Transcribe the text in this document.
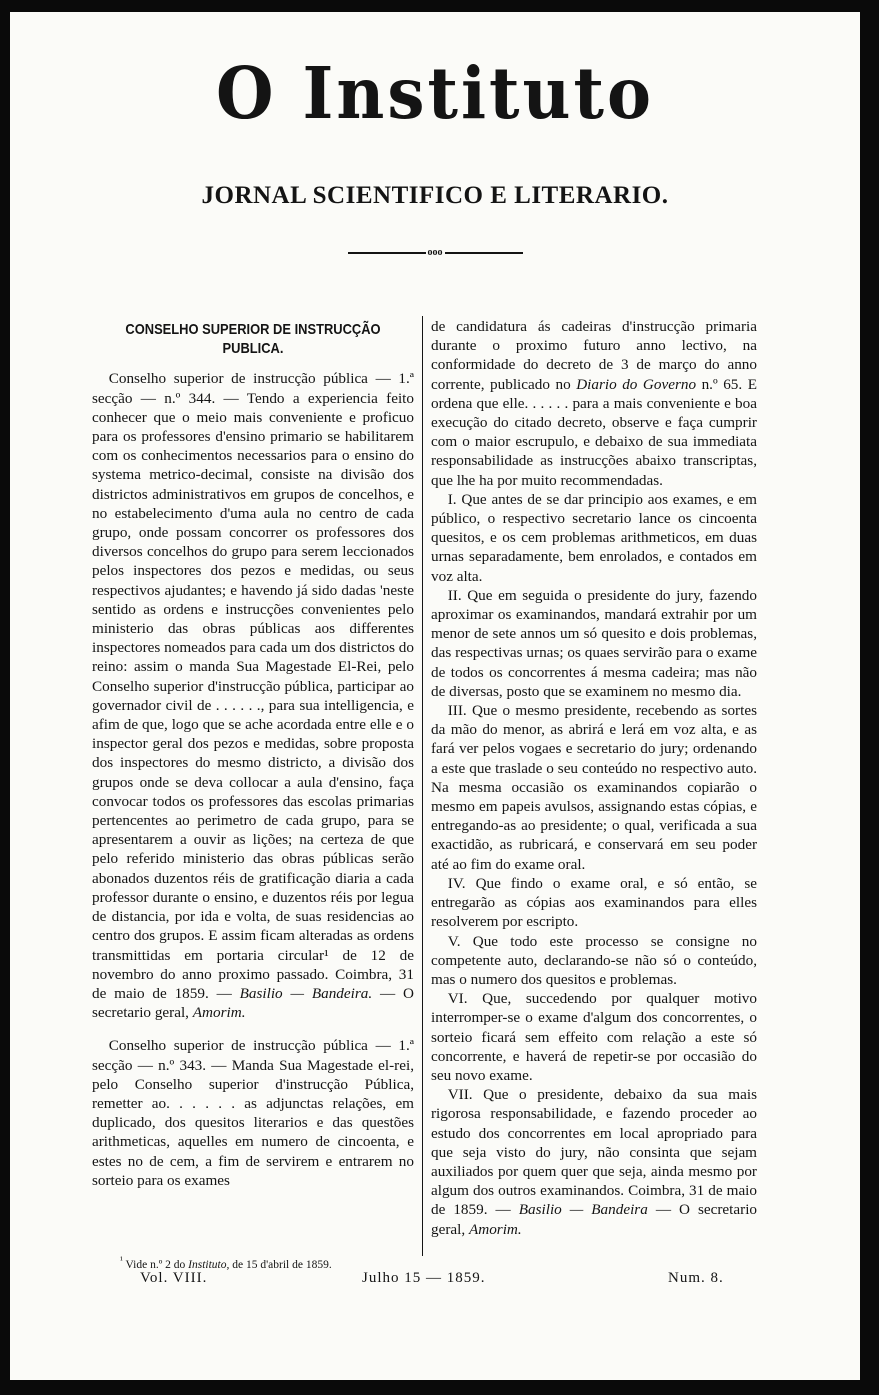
O Instituto
JORNAL SCIENTIFICO E LITERARIO.
ooo
CONSELHO SUPERIOR DE INSTRUCÇÃO PUBLICA.

Conselho superior de instrucção pública — 1.ª secção — n.º 344. — Tendo a experiencia feito conhecer que o meio mais conveniente e proficuo para os professores d'ensino primario se habilitarem com os conhecimentos necessarios para o ensino do systema metrico-decimal, consiste na divisão dos districtos administrativos em grupos de concelhos, e no estabelecimento d'uma aula no centro de cada grupo, onde possam concorrer os professores dos diversos concelhos do grupo para serem leccionados pelos inspectores dos pezos e medidas, ou seus respectivos ajudantes; e havendo já sido dadas 'neste sentido as ordens e instrucções convenientes pelo ministerio das obras públicas aos differentes inspectores nomeados para cada um dos districtos do reino: assim o manda Sua Magestade El-Rei, pelo Conselho superior d'instrucção pública, participar ao governador civil de . . . . . ., para sua intelligencia, e afim de que, logo que se ache acordada entre elle e o inspector geral dos pezos e medidas, sobre proposta dos inspectores do mesmo districto, a divisão dos grupos onde se deva collocar a aula d'ensino, faça convocar todos os professores das escolas primarias pertencentes ao perimetro de cada grupo, para se apresentarem a ouvir as lições; na certeza de que pelo referido ministerio das obras públicas serão abonados duzentos réis de gratificação diaria a cada professor durante o ensino, e duzentos réis por legua de distancia, por ida e volta, de suas residencias ao centro dos grupos. E assim ficam alteradas as ordens transmittidas em portaria circular¹ de 12 de novembro do anno proximo passado. Coimbra, 31 de maio de 1859. — Basilio — Bandeira. — O secretario geral, Amorim.

Conselho superior de instrucção pública — 1.ª secção — n.º 343. — Manda Sua Magestade el-rei, pelo Conselho superior d'instrucção Pública, remetter ao. . . . . . as adjunctas relações, em duplicado, dos quesitos literarios e das questões arithmeticas, aquelles em numero de cincoenta, e estes no de cem, a fim de servirem e entrarem no sorteio para os exames

de candidatura ás cadeiras d'instrucção primaria durante o proximo futuro anno lectivo, na conformidade do decreto de 3 de março do anno corrente, publicado no Diario do Governo n.º 65. E ordena que elle. . . . . . para a mais conveniente e boa execução do citado decreto, observe e faça cumprir com o maior escrupulo, e debaixo de sua immediata responsabilidade as instrucções abaixo transcriptas, que lhe ha por muito recommendadas.

I. Que antes de se dar principio aos exames, e em público, o respectivo secretario lance os cincoenta quesitos, e os cem problemas arithmeticos, em duas urnas separadamente, bem enrolados, e contados em voz alta.

II. Que em seguida o presidente do jury, fazendo aproximar os examinandos, mandará extrahir por um menor de sete annos um só quesito e dois problemas, das respectivas urnas; os quaes servirão para o exame de todos os concorrentes á mesma cadeira; mas não de diversas, posto que se examinem no mesmo dia.

III. Que o mesmo presidente, recebendo as sortes da mão do menor, as abrirá e lerá em voz alta, e as fará ver pelos vogaes e secretario do jury; ordenando a este que traslade o seu conteúdo no respectivo auto. Na mesma occasião os examinandos copiarão o mesmo em papeis avulsos, assignando estas cópias, e entregando-as ao presidente; o qual, verificada a sua exactidão, as rubricará, e conservará em seu poder até ao fim do exame oral.

IV. Que findo o exame oral, e só então, se entregarão as cópias aos examinandos para elles resolverem por escripto.

V. Que todo este processo se consigne no competente auto, declarando-se não só o conteúdo, mas o numero dos quesitos e problemas.

VI. Que, succedendo por qualquer motivo interromper-se o exame d'algum dos concorrentes, o sorteio ficará sem effeito com relação a este só concorrente, e haverá de repetir-se por occasião do seu novo exame.

VII. Que o presidente, debaixo da sua mais rigorosa responsabilidade, e fazendo proceder ao estudo dos concorrentes em local apropriado para que seja visto do jury, não consinta que sejam auxiliados por quem quer que seja, ainda mesmo por algum dos outros examinandos. Coimbra, 31 de maio de 1859. — Basilio — Bandeira — O secretario geral, Amorim.

$^{^1}$ Vide n.º 2 do Instituto, de 15 d'abril de 1859.
Vol. VIII.	Julho 15 — 1859.	Num. 8.
